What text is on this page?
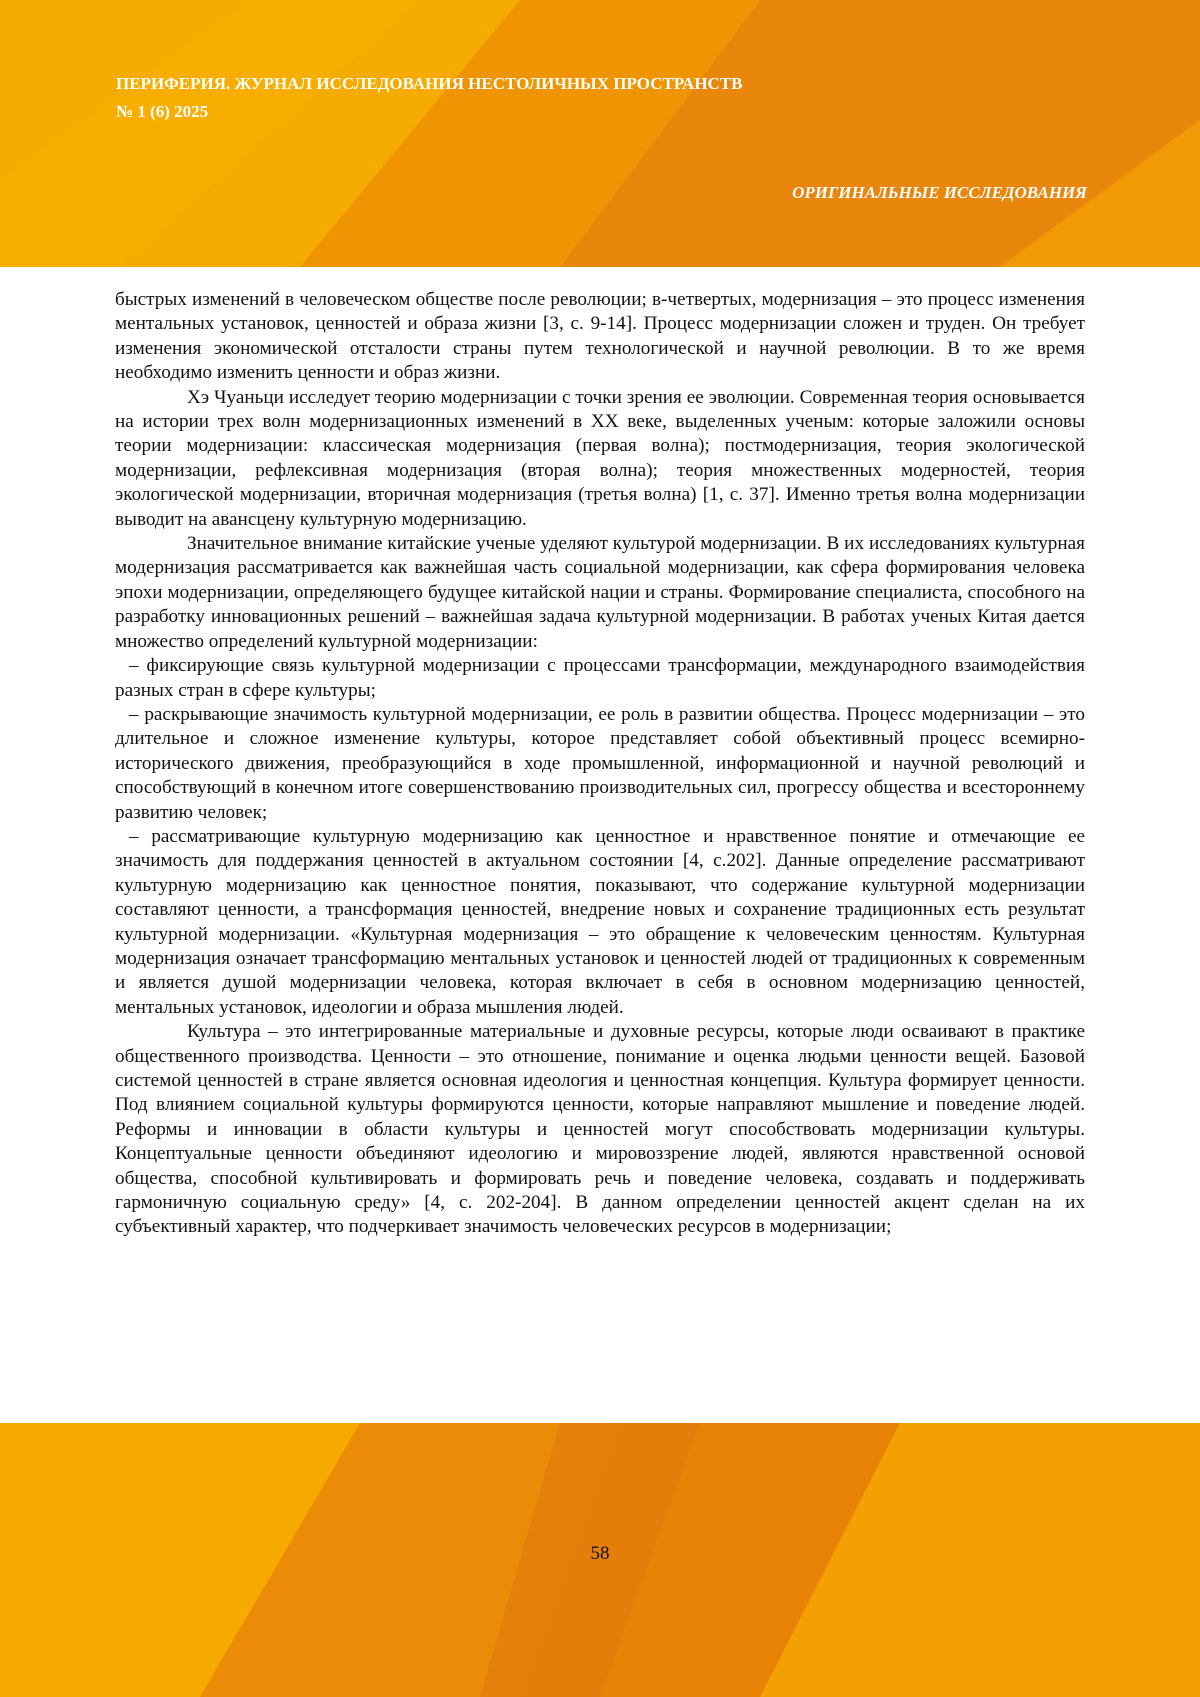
ПЕРИФЕРИЯ. ЖУРНАЛ ИССЛЕДОВАНИЯ НЕСТОЛИЧНЫХ ПРОСТРАНСТВ
№ 1 (6) 2025
ОРИГИНАЛЬНЫЕ ИССЛЕДОВАНИЯ

быстрых изменений в человеческом обществе после революции; в-четвертых, модернизация – это процесс изменения ментальных установок, ценностей и образа жизни [3, с. 9-14]. Процесс модернизации сложен и труден. Он требует изменения экономической отсталости страны путем технологической и научной революции. В то же время необходимо изменить ценности и образ жизни.

Хэ Чуаньци исследует теорию модернизации с точки зрения ее эволюции. Современная теория основывается на истории трех волн модернизационных изменений в XX веке, выделенных ученым: которые заложили основы теории модернизации: классическая модернизация (первая волна); постмодернизация, теория экологической модернизации, рефлексивная модернизация (вторая волна); теория множественных модерностей, теория экологической модернизации, вторичная модернизация (третья волна) [1, с. 37]. Именно третья волна модернизации выводит на авансцену культурную модернизацию.

Значительное внимание китайские ученые уделяют культурой модернизации. В их исследованиях культурная модернизация рассматривается как важнейшая часть социальной модернизации, как сфера формирования человека эпохи модернизации, определяющего будущее китайской нации и страны. Формирование специалиста, способного на разработку инновационных решений – важнейшая задача культурной модернизации. В работах ученых Китая дается множество определений культурной модернизации:

– фиксирующие связь культурной модернизации с процессами трансформации, международного взаимодействия разных стран в сфере культуры;

– раскрывающие значимость культурной модернизации, ее роль в развитии общества. Процесс модернизации – это длительное и сложное изменение культуры, которое представляет собой объективный процесс всемирно-исторического движения, преобразующийся в ходе промышленной, информационной и научной революций и способствующий в конечном итоге совершенствованию производительных сил, прогрессу общества и всестороннему развитию человек;

– рассматривающие культурную модернизацию как ценностное и нравственное понятие и отмечающие ее значимость для поддержания ценностей в актуальном состоянии [4, с.202]. Данные определение рассматривают культурную модернизацию как ценностное понятия, показывают, что содержание культурной модернизации составляют ценности, а трансформация ценностей, внедрение новых и сохранение традиционных есть результат культурной модернизации. «Культурная модернизация – это обращение к человеческим ценностям. Культурная модернизация означает трансформацию ментальных установок и ценностей людей от традиционных к современным и является душой модернизации человека, которая включает в себя в основном модернизацию ценностей, ментальных установок, идеологии и образа мышления людей.

Культура – это интегрированные материальные и духовные ресурсы, которые люди осваивают в практике общественного производства. Ценности – это отношение, понимание и оценка людьми ценности вещей. Базовой системой ценностей в стране является основная идеология и ценностная концепция. Культура формирует ценности. Под влиянием социальной культуры формируются ценности, которые направляют мышление и поведение людей. Реформы и инновации в области культуры и ценностей могут способствовать модернизации культуры. Концептуальные ценности объединяют идеологию и мировоззрение людей, являются нравственной основой общества, способной культивировать и формировать речь и поведение человека, создавать и поддерживать гармоничную социальную среду» [4, с. 202-204]. В данном определении ценностей акцент сделан на их субъективный характер, что подчеркивает значимость человеческих ресурсов в модернизации;

58
